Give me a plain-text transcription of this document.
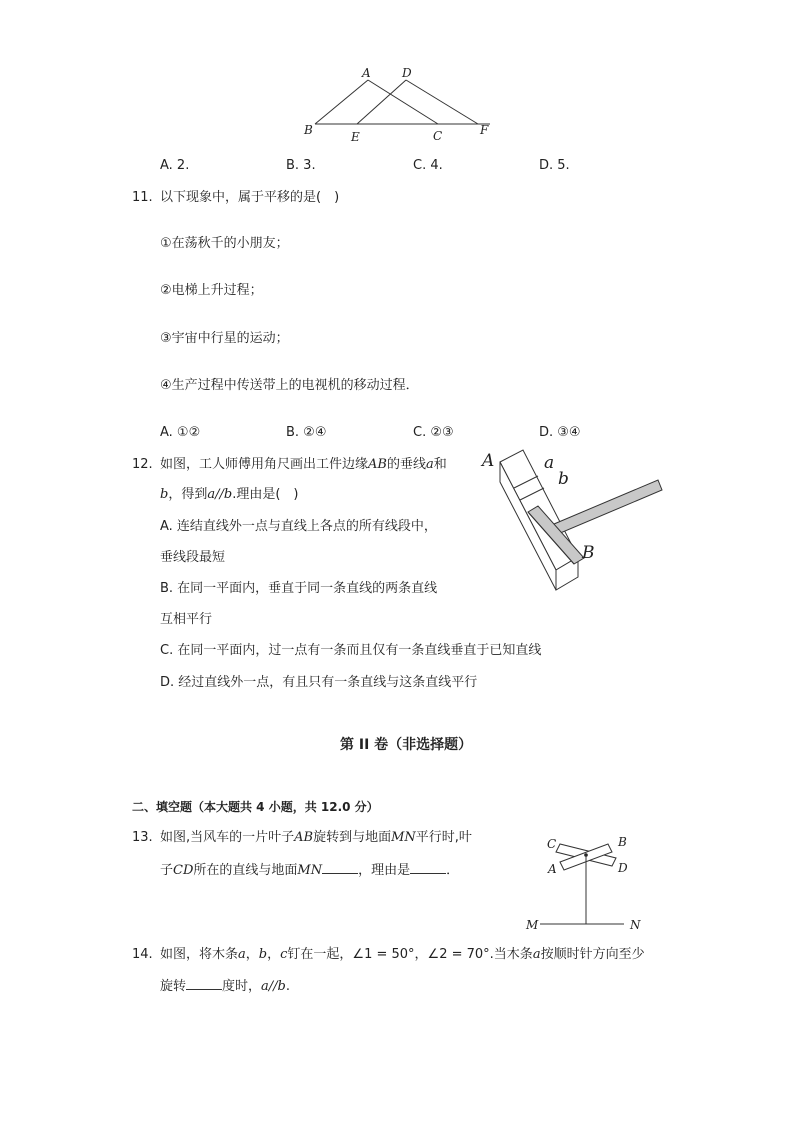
A	D
B	E	C	F
A. 2.	B. 3.	C. 4.	D. 5.
11. 以下现象中，属于平移的是(　)
①在荡秋千的小朋友；
②电梯上升过程；
③宇宙中行星的运动；
④生产过程中传送带上的电视机的移动过程．
A. ①②	B. ②④	C. ②③	D. ③④
12. 如图，工人师傅用角尺画出工件边缘AB的垂线a和
b，得到a//b.理由是(　)
A. 连结直线外一点与直线上各点的所有线段中，
垂线段最短
B. 在同一平面内，垂直于同一条直线的两条直线
互相平行
C. 在同一平面内，过一点有一条而且仅有一条直线垂直于已知直线
D. 经过直线外一点，有且只有一条直线与这条直线平行
A	a
b
B
第 II 卷（非选择题）
二、填空题（本大题共 4 小题，共 12.0 分）
13. 如图,当风车的一片叶子AB旋转到与地面MN平行时,叶
子CD所在的直线与地面MN	，理由是	．
C	B
A	D
M	N
14. 如图，将木条a，b，c钉在一起，∠1 = 50°，∠2 = 70°.当木条a按顺时针方向至少
旋转	度时，a//b.
